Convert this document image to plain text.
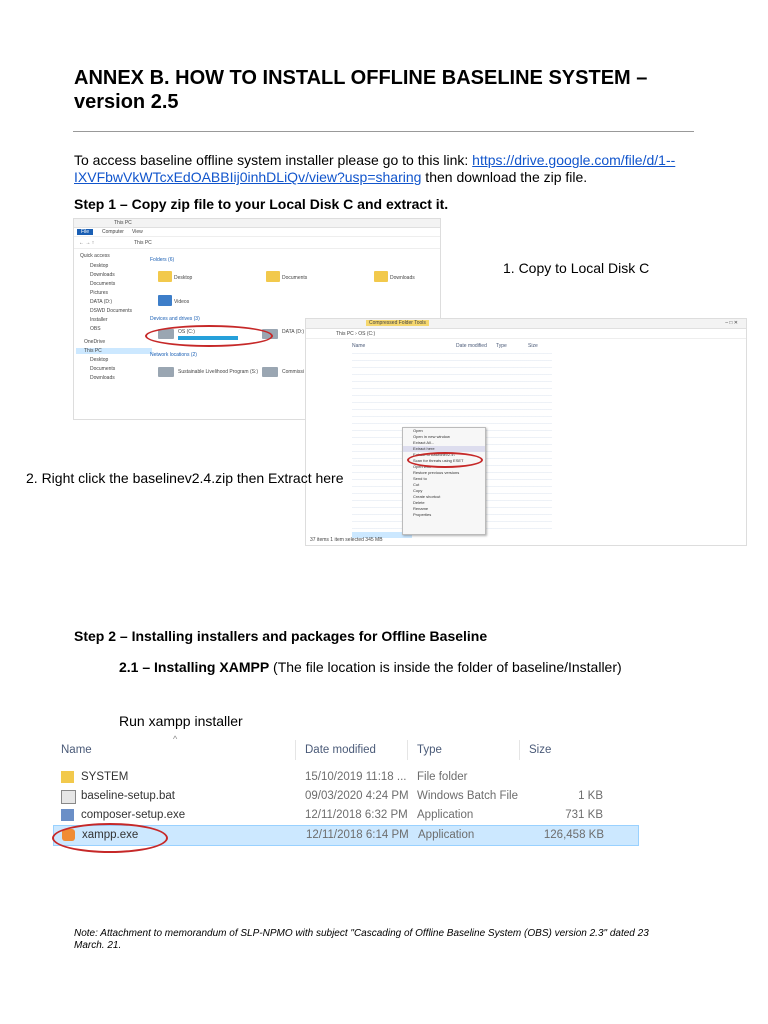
ANNEX B. HOW TO INSTALL OFFLINE BASELINE SYSTEM – version 2.5
To access baseline offline system installer please go to this link: https://drive.google.com/file/d/1--IXVFbwVkWTcxEdOABBIij0inhDLiQv/view?usp=sharing then download the zip file.
Step 1 – Copy zip file to your Local Disk C and extract it.
This PC
File	Computer View
← → ↑	This PC
Quick access
Desktop
Downloads
Documents
Pictures
DATA (D:)
DSWD Documents
Installer
OBS
OneDrive
This PC
Desktop
Documents
Downloads
Folders (6)
Desktop	Documents	Downloads
Videos
Devices and drives (3)
OS (C:)	DATA (D:)
Network locations (2)
Sustainable Livelihood Program (S:)	Commissi
1. Copy to Local Disk C
Compressed Folder Tools	– □ ✕
This PC › OS (C:)
Name	Date modified Type	Size
Open
Open in new window
Extract All...
Extract here
Extract to baselinev2.4\
Scan for threats using ESET
Open with
Restore previous versions
Send to
Cut
Copy
Create shortcut
Delete
Rename
Properties
37 items 1 item selected 345 MB
2. Right click the baselinev2.4.zip then Extract here
Step 2 – Installing installers and packages for Offline Baseline
2.1 – Installing XAMPP (The file location is inside the folder of baseline/Installer)
Run xampp installer
^
Name	Date modified	Type	Size
SYSTEM	15/10/2019 11:18 ... File folder
baseline-setup.bat	09/03/2020 4:24 PM Windows Batch File	1 KB
composer-setup.exe	12/11/2018 6:32 PM Application	731 KB
xampp.exe	12/11/2018 6:14 PM Application	126,458 KB
Note: Attachment to memorandum of SLP-NPMO with subject "Cascading of Offline Baseline System (OBS) version 2.3" dated 23 March. 21.
